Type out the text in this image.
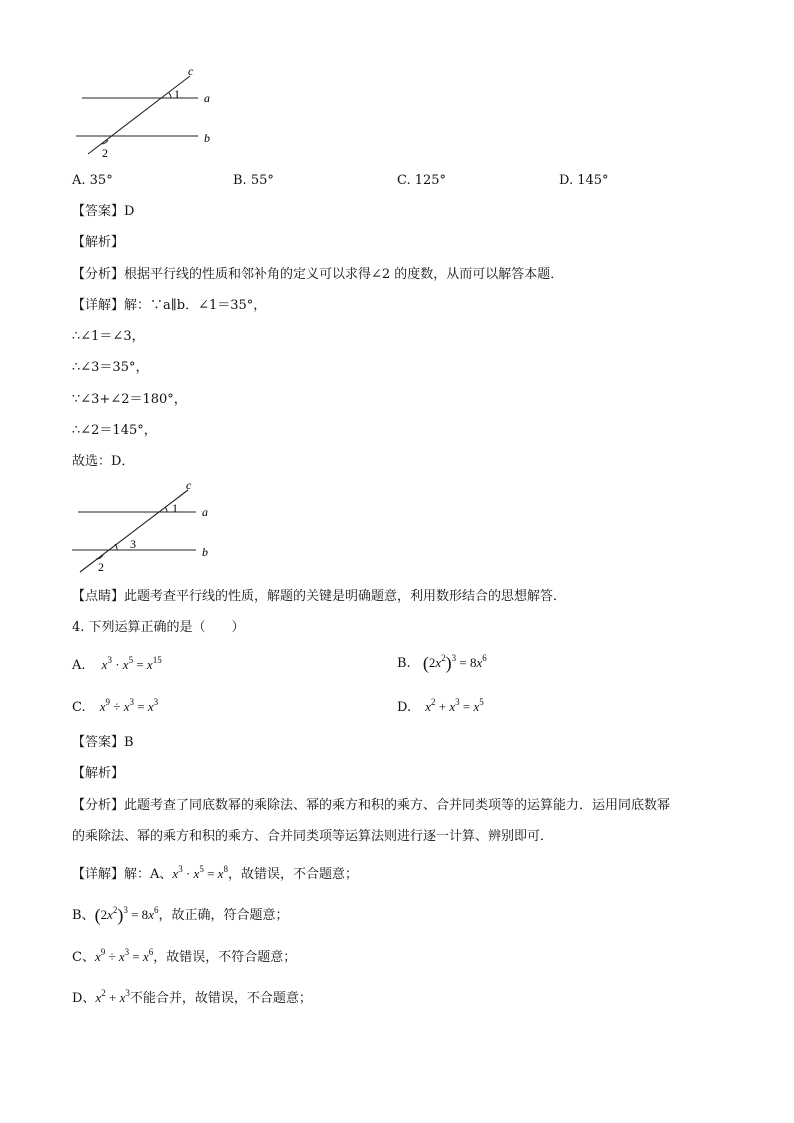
c
a
b
1
2
A. 35°	B. 55°	C. 125°	D. 145°
【答案】D
【解析】
【分析】根据平行线的性质和邻补角的定义可以求得∠2 的度数，从而可以解答本题．
【详解】解：∵a∥b．∠1＝35°，
∴∠1＝∠3，
∴∠3＝35°，
∵∠3+∠2＝180°，
∴∠2＝145°，
故选：D．
c
a
b
1
3
2
【点睛】此题考查平行线的性质，解题的关键是明确题意，利用数形结合的思想解答．
4. 下列运算正确的是（　　）
A. $x^3 \cdot x^5 = x^{15}$	B. $(2x^2)^3 = 8x^6$
C. $x^9 \div x^3 = x^3$	D. $x^2 + x^3 = x^5$
【答案】B
【解析】
【分析】此题考查了同底数幂的乘除法、幂的乘方和积的乘方、合并同类项等的运算能力．运用同底数幂
的乘除法、幂的乘方和积的乘方、合并同类项等运算法则进行逐一计算、辨别即可．
【详解】解：A、$x^3 \cdot x^5 = x^8$，故错误，不合题意；
B、$(2x^2)^3 = 8x^6$，故正确，符合题意；
C、$x^9 \div x^3 = x^6$，故错误，不符合题意；
D、$x^2 + x^3$不能合并，故错误，不合题意；
